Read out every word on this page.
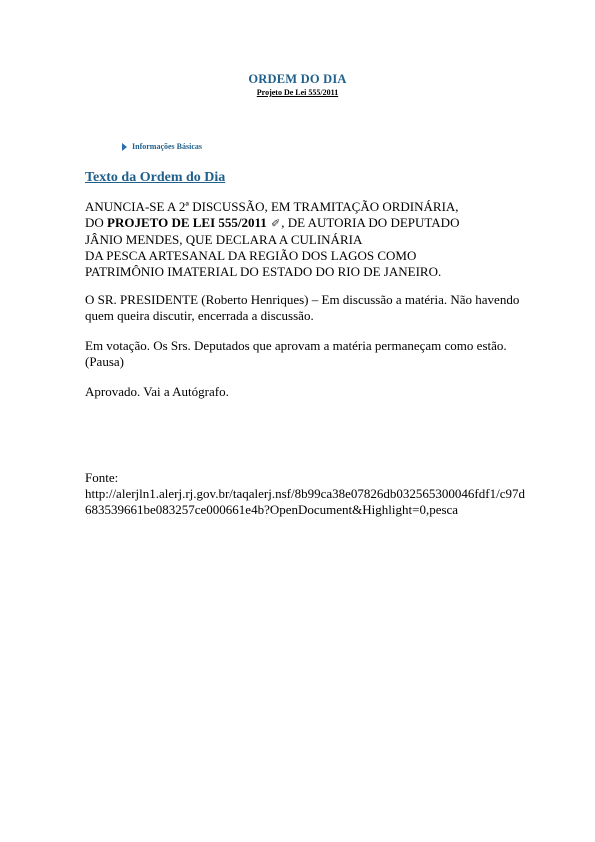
ORDEM DO DIA
Projeto De Lei 555/2011
Informações Básicas
Texto da Ordem do Dia
ANUNCIA-SE A 2ª DISCUSSÃO, EM TRAMITAÇÃO ORDINÁRIA,
DO PROJETO DE LEI 555/2011 ✐, DE AUTORIA DO DEPUTADO
JÂNIO MENDES, QUE DECLARA A CULINÁRIA
DA PESCA ARTESANAL DA REGIÃO DOS LAGOS COMO
PATRIMÔNIO IMATERIAL DO ESTADO DO RIO DE JANEIRO.
O SR. PRESIDENTE (Roberto Henriques) – Em discussão a matéria. Não havendo quem queira discutir, encerrada a discussão.
Em votação. Os Srs. Deputados que aprovam a matéria permaneçam como estão. (Pausa)
Aprovado. Vai a Autógrafo.
Fonte:
http://alerjln1.alerj.rj.gov.br/taqalerj.nsf/8b99ca38e07826db032565300046fdf1/c97d683539661be083257ce000661e4b?OpenDocument&Highlight=0,pesca
